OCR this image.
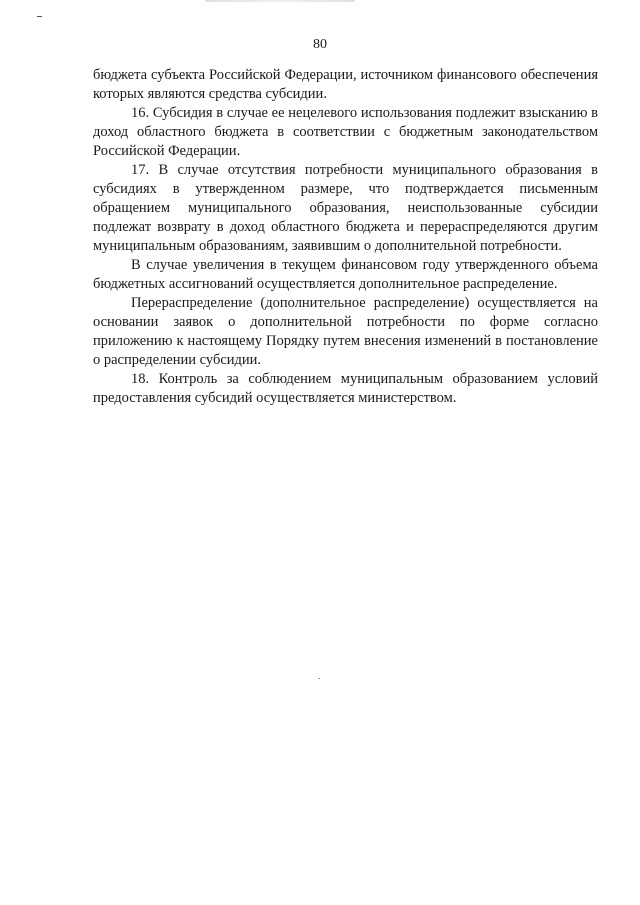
80

бюджета субъекта Российской Федерации, источником финансового обеспечения которых являются средства субсидии.

16. Субсидия в случае ее нецелевого использования подлежит взысканию в доход областного бюджета в соответствии с бюджетным законодательством Российской Федерации.

17. В случае отсутствия потребности муниципального образования в субсидиях в утвержденном размере, что подтверждается письменным обращением муниципального образования, неиспользованные субсидии подлежат возврату в доход областного бюджета и перераспределяются другим муниципальным образованиям, заявившим о дополнительной потребности.

В случае увеличения в текущем финансовом году утвержденного объема бюджетных ассигнований осуществляется дополнительное распределение.

Перераспределение (дополнительное распределение) осуществляется на основании заявок о дополнительной потребности по форме согласно приложению к настоящему Порядку путем внесения изменений в постановление о распределении субсидии.

18. Контроль за соблюдением муниципальным образованием условий предоставления субсидий осуществляется министерством.
